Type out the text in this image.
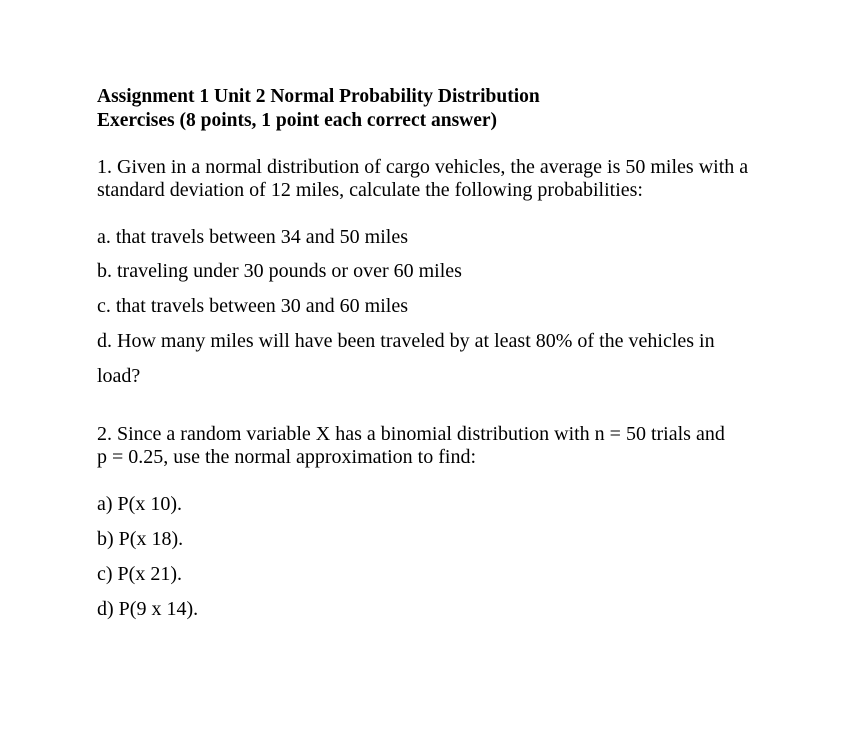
Assignment 1 Unit 2 Normal Probability Distribution
Exercises (8 points, 1 point each correct answer)
1. Given in a normal distribution of cargo vehicles, the average is 50 miles with a
standard deviation of 12 miles, calculate the following probabilities:
a. that travels between 34 and 50 miles
b. traveling under 30 pounds or over 60 miles
c. that travels between 30 and 60 miles
d. How many miles will have been traveled by at least 80% of the vehicles in
load?
2. Since a random variable X has a binomial distribution with n = 50 trials and
p = 0.25, use the normal approximation to find:
a) P(x 10).
b) P(x 18).
c) P(x 21).
d) P(9 x 14).
